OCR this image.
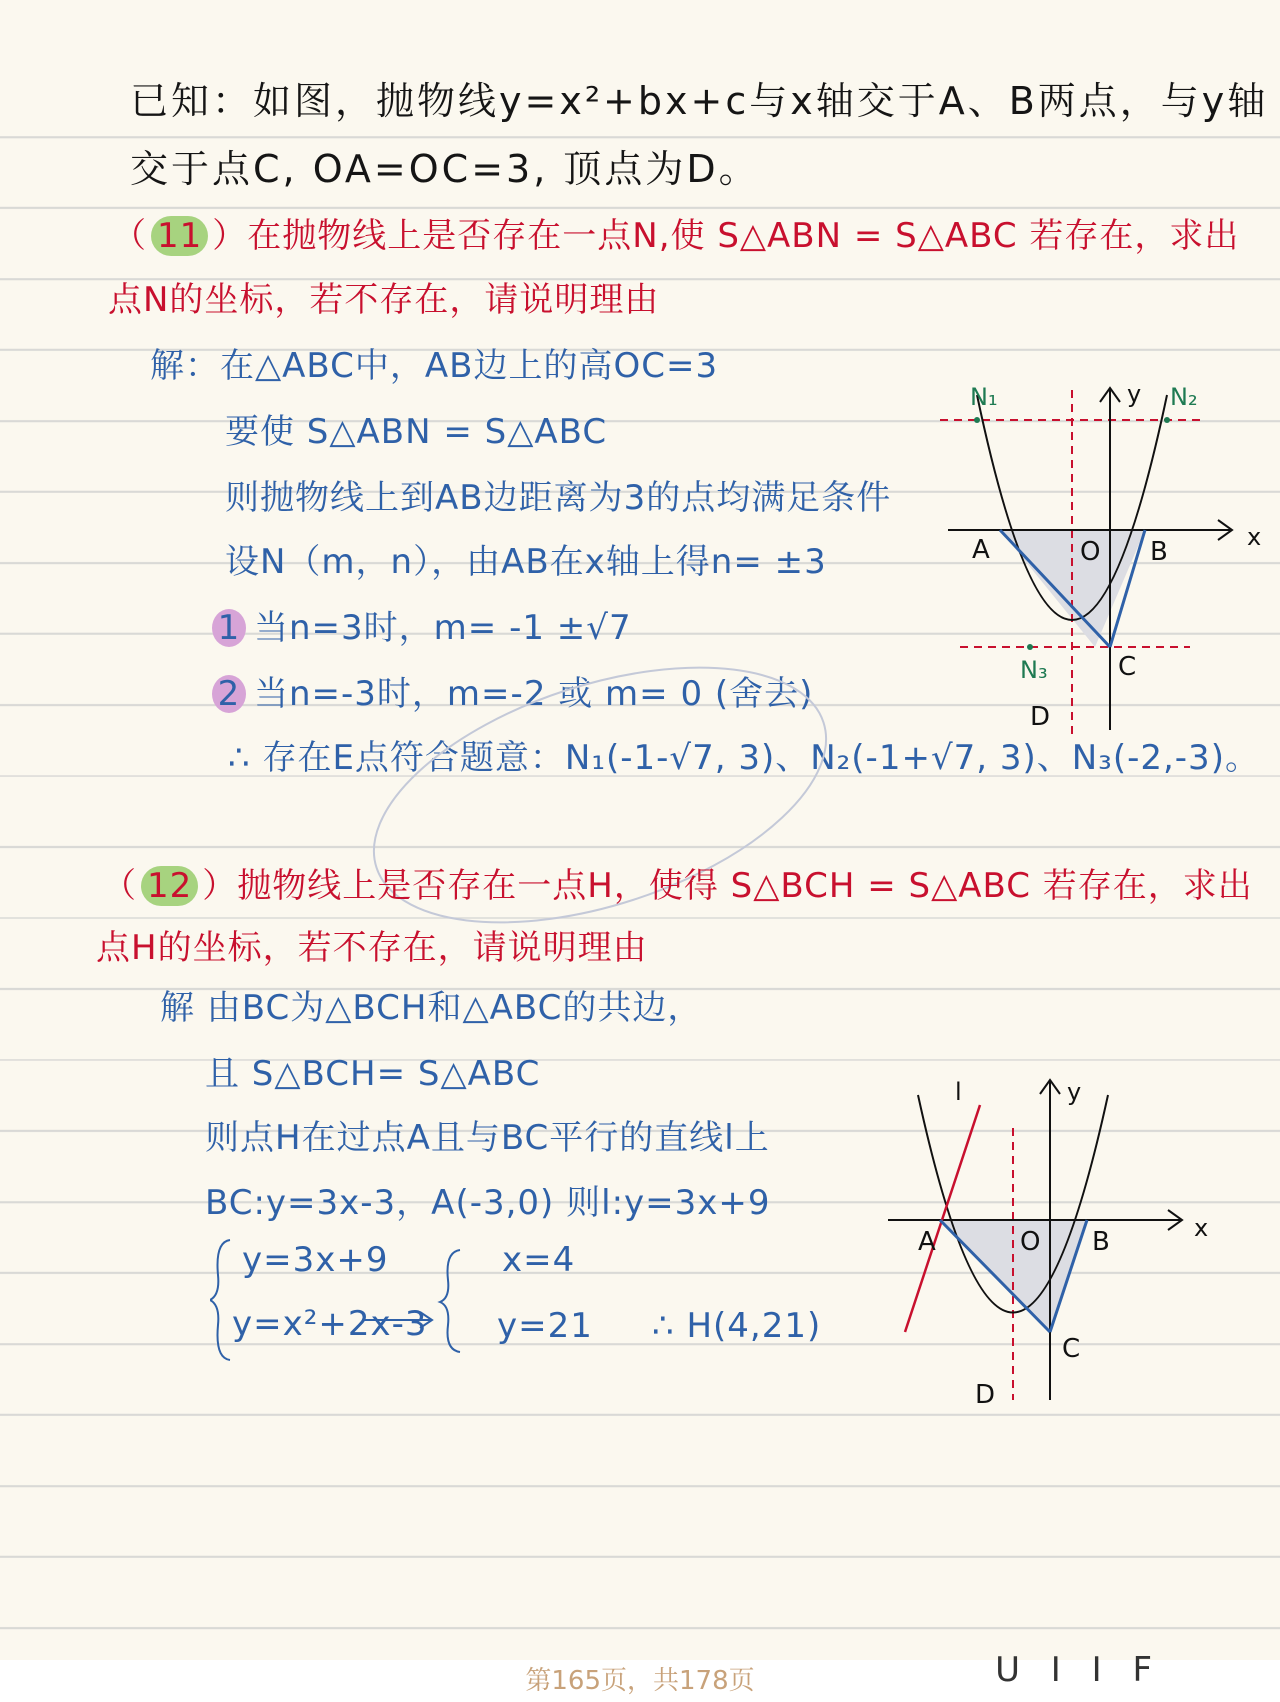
已知：如图，抛物线y=x²+bx+c与x轴交于A、B两点，与y轴
交于点C, OA=OC=3, 顶点为D。
（ 11 ）在抛物线上是否存在一点N,使 S△ABN = S△ABC 若存在，求出
点N的坐标，若不存在，请说明理由
解：在△ABC中，AB边上的高OC=3
要使 S△ABN = S△ABC
则抛物线上到AB边距离为3的点均满足条件
设N（m，n），由AB在x轴上得n= ±3
1 当n=3时，m= -1 ±√7
2 当n=-3时，m=-2 或 m= 0 (舍去)
∴ 存在E点符合题意：N₁(-1-√7, 3)、N₂(-1+√7, 3)、N₃(-2,-3)。
N₁	N₂
N₃
y
x
A	O B
C
D
（ 12 ）抛物线上是否存在一点H，使得 S△BCH = S△ABC 若存在，求出
点H的坐标，若不存在，请说明理由
解 由BC为△BCH和△ABC的共边，
且 S△BCH= S△ABC
则点H在过点A且与BC平行的直线l上
BC:y=3x-3，A(-3,0) 则l:y=3x+9
y=3x+9
y=x²+2x-3
x=4
y=21 ∴ H(4,21)
l	y
x
A	O B
C
D
第165页，共178页	U I I F
